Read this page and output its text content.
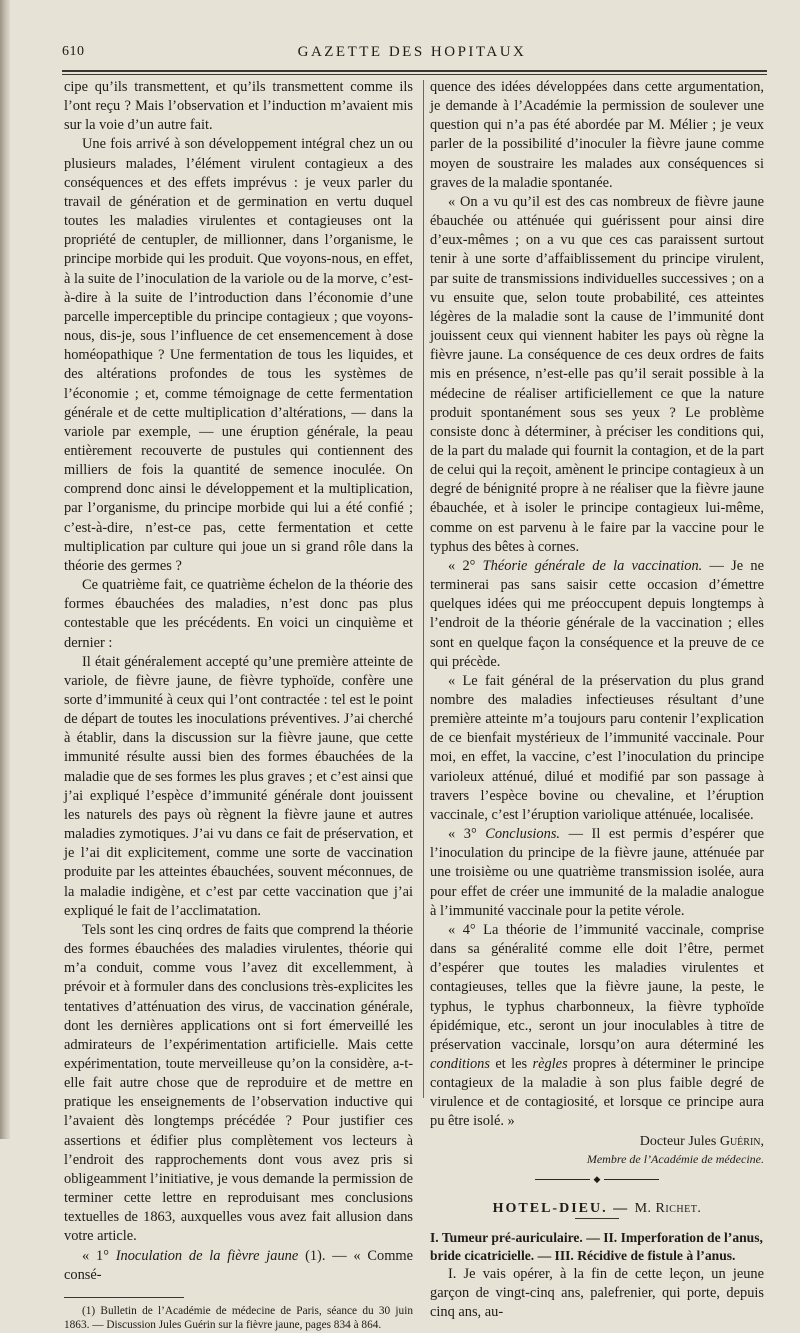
610	GAZETTE DES HOPITAUX

cipe qu’ils transmettent, et qu’ils transmettent comme ils l’ont reçu ? Mais l’observation et l’induction m’avaient mis sur la voie d’un autre fait.

Une fois arrivé à son développement intégral chez un ou plusieurs malades, l’élément virulent contagieux a des conséquences et des effets imprévus : je veux parler du travail de génération et de germination en vertu duquel toutes les maladies virulentes et contagieuses ont la propriété de centupler, de millionner, dans l’organisme, le principe morbide qui les produit. Que voyons-nous, en effet, à la suite de l’inoculation de la variole ou de la morve, c’est-à-dire à la suite de l’introduction dans l’économie d’une parcelle imperceptible du principe contagieux ; que voyons-nous, dis-je, sous l’influence de cet ensemencement à dose homéopathique ? Une fermentation de tous les liquides, et des altérations profondes de tous les systèmes de l’économie ; et, comme témoignage de cette fermentation générale et de cette multiplication d’altérations, — dans la variole par exemple, — une éruption générale, la peau entièrement recouverte de pustules qui contiennent des milliers de fois la quantité de semence inoculée. On comprend donc ainsi le développement et la multiplication, par l’organisme, du principe morbide qui lui a été confié ; c’est-à-dire, n’est-ce pas, cette fermentation et cette multiplication par culture qui joue un si grand rôle dans la théorie des germes ?

Ce quatrième fait, ce quatrième échelon de la théorie des formes ébauchées des maladies, n’est donc pas plus contestable que les précédents. En voici un cinquième et dernier :

Il était généralement accepté qu’une première atteinte de variole, de fièvre jaune, de fièvre typhoïde, confère une sorte d’immunité à ceux qui l’ont contractée : tel est le point de départ de toutes les inoculations préventives. J’ai cherché à établir, dans la discussion sur la fièvre jaune, que cette immunité résulte aussi bien des formes ébauchées de la maladie que de ses formes les plus graves ; et c’est ainsi que j’ai expliqué l’espèce d’immunité générale dont jouissent les naturels des pays où règnent la fièvre jaune et autres maladies zymotiques. J’ai vu dans ce fait de préservation, et je l’ai dit explicitement, comme une sorte de vaccination produite par les atteintes ébauchées, souvent méconnues, de la maladie indigène, et c’est par cette vaccination que j’ai expliqué le fait de l’acclimatation.

Tels sont les cinq ordres de faits que comprend la théorie des formes ébauchées des maladies virulentes, théorie qui m’a conduit, comme vous l’avez dit excellemment, à prévoir et à formuler dans des conclusions très-explicites les tentatives d’atténuation des virus, de vaccination générale, dont les dernières applications ont si fort émerveillé les admirateurs de l’expérimentation artificielle. Mais cette expérimentation, toute merveilleuse qu’on la considère, a-t-elle fait autre chose que de reproduire et de mettre en pratique les enseignements de l’observation inductive qui l’avaient dès longtemps précédée ? Pour justifier ces assertions et édifier plus complètement vos lecteurs à l’endroit des rapprochements dont vous avez pris si obligeamment l’initiative, je vous demande la permission de terminer cette lettre en reproduisant mes conclusions textuelles de 1863, auxquelles vous avez fait allusion dans votre article.

« 1° Inoculation de la fièvre jaune (1). — « Comme consé-

(1) Bulletin de l’Académie de médecine de Paris, séance du 30 juin 1863. — Discussion Jules Guérin sur la fièvre jaune, pages 834 à 864.

quence des idées développées dans cette argumentation, je demande à l’Académie la permission de soulever une question qui n’a pas été abordée par M. Mélier ; je veux parler de la possibilité d’inoculer la fièvre jaune comme moyen de soustraire les malades aux conséquences si graves de la maladie spontanée.

« On a vu qu’il est des cas nombreux de fièvre jaune ébauchée ou atténuée qui guérissent pour ainsi dire d’eux-mêmes ; on a vu que ces cas paraissent surtout tenir à une sorte d’affaiblissement du principe virulent, par suite de transmissions individuelles successives ; on a vu ensuite que, selon toute probabilité, ces atteintes légères de la maladie sont la cause de l’immunité dont jouissent ceux qui viennent habiter les pays où règne la fièvre jaune. La conséquence de ces deux ordres de faits mis en présence, n’est-elle pas qu’il serait possible à la médecine de réaliser artificiellement ce que la nature produit spontanément sous ses yeux ? Le problème consiste donc à déterminer, à préciser les conditions qui, de la part du malade qui fournit la contagion, et de la part de celui qui la reçoit, amènent le principe contagieux à un degré de bénignité propre à ne réaliser que la fièvre jaune ébauchée, et à isoler le principe contagieux lui-même, comme on est parvenu à le faire par la vaccine pour le typhus des bêtes à cornes.

« 2° Théorie générale de la vaccination. — Je ne terminerai pas sans saisir cette occasion d’émettre quelques idées qui me préoccupent depuis longtemps à l’endroit de la théorie générale de la vaccination ; elles sont en quelque façon la conséquence et la preuve de ce qui précède.

« Le fait général de la préservation du plus grand nombre des maladies infectieuses résultant d’une première atteinte m’a toujours paru contenir l’explication de ce bienfait mystérieux de l’immunité vaccinale. Pour moi, en effet, la vaccine, c’est l’inoculation du principe varioleux atténué, dilué et modifié par son passage à travers l’espèce bovine ou chevaline, et l’éruption vaccinale, c’est l’éruption variolique atténuée, localisée.

« 3° Conclusions. — Il est permis d’espérer que l’inoculation du principe de la fièvre jaune, atténuée par une troisième ou une quatrième transmission isolée, aura pour effet de créer une immunité de la maladie analogue à l’immunité vaccinale pour la petite vérole.

« 4° La théorie de l’immunité vaccinale, comprise dans sa généralité comme elle doit l’être, permet d’espérer que toutes les maladies virulentes et contagieuses, telles que la fièvre jaune, la peste, le typhus, le typhus charbonneux, la fièvre typhoïde épidémique, etc., seront un jour inoculables à titre de préservation vaccinale, lorsqu’on aura déterminé les conditions et les règles propres à déterminer le principe contagieux de la maladie à son plus faible degré de virulence et de contagiosité, et lorsque ce principe aura pu être isolé. »

Docteur Jules Guérin,

Membre de l’Académie de médecine.

◆

HOTEL-DIEU. — M. Richet.

I. Tumeur pré-auriculaire. — II. Imperforation de l’anus, bride cicatricielle. — III. Récidive de fistule à l’anus.

I. Je vais opérer, à la fin de cette leçon, un jeune garçon de vingt-cinq ans, palefrenier, qui porte, depuis cinq ans, au-
